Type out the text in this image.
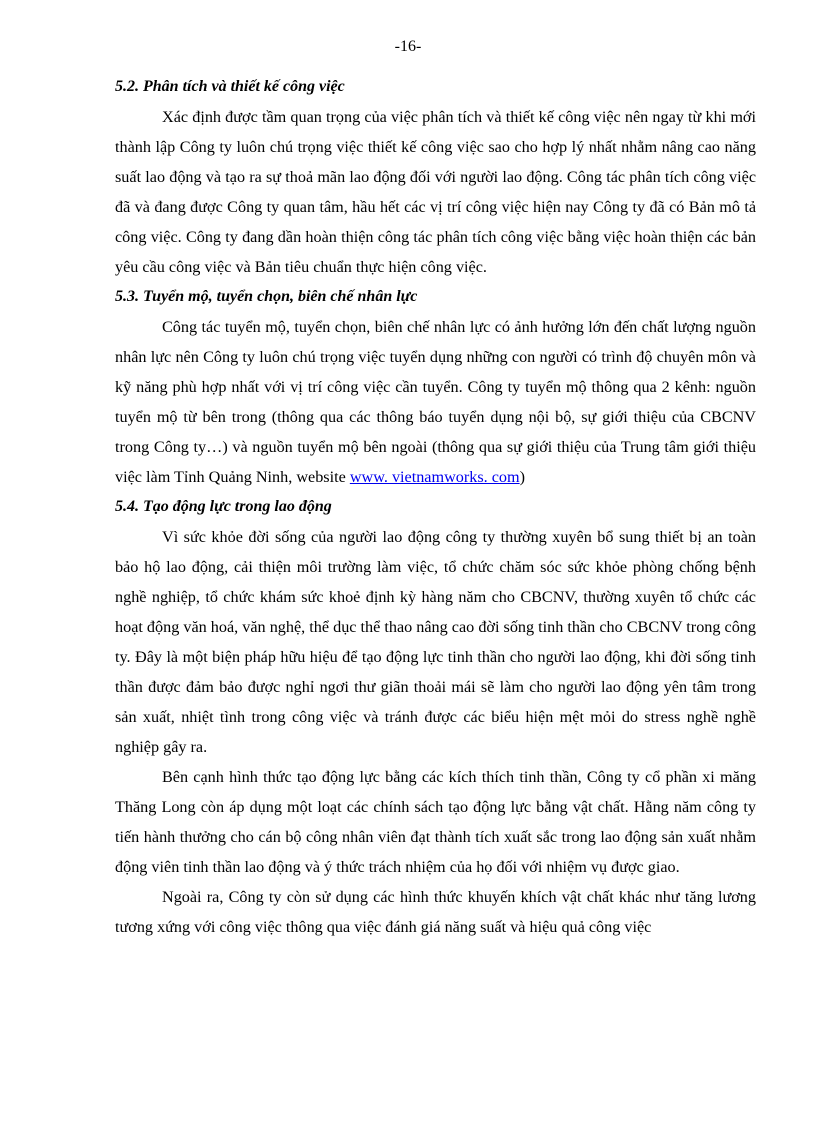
-16-

5.2. Phân tích và thiết kế công việc

Xác định được tầm quan trọng của việc phân tích và thiết kế công việc nên ngay từ khi mới thành lập Công ty luôn chú trọng việc thiết kế công việc sao cho hợp lý nhất nhằm nâng cao năng suất lao động và tạo ra sự thoả mãn lao động đối với người lao động. Công tác phân tích công việc đã và đang được Công ty quan tâm, hầu hết các vị trí công việc hiện nay Công ty đã có Bản mô tả công việc. Công ty đang dần hoàn thiện công tác phân tích công việc bằng việc hoàn thiện các bản yêu cầu công việc và Bản tiêu chuẩn thực hiện công việc.

5.3. Tuyển mộ, tuyển chọn, biên chế nhân lực

Công tác tuyển mộ, tuyển chọn, biên chế nhân lực có ảnh hưởng lớn đến chất lượng nguồn nhân lực nên Công ty luôn chú trọng việc tuyển dụng những con người có trình độ chuyên môn và kỹ năng phù hợp nhất với vị trí công việc cần tuyển. Công ty tuyển mộ thông qua 2 kênh: nguồn tuyển mộ từ bên trong (thông qua các thông báo tuyển dụng nội bộ, sự giới thiệu của CBCNV trong Công ty…) và nguồn tuyển mộ bên ngoài (thông qua sự giới thiệu của Trung tâm giới thiệu việc làm Tỉnh Quảng Ninh, website www. vietnamworks. com)

5.4. Tạo động lực trong lao động

Vì sức khỏe đời sống của người lao động công ty thường xuyên bổ sung thiết bị an toàn bảo hộ lao động, cải thiện môi trường làm việc, tổ chức chăm sóc sức khỏe phòng chống bệnh nghề nghiệp, tổ chức khám sức khoẻ định kỳ hàng năm cho CBCNV, thường xuyên tổ chức các hoạt động văn hoá, văn nghệ, thể dục thể thao nâng cao đời sống tinh thần cho CBCNV trong công ty. Đây là một biện pháp hữu hiệu để tạo động lực tinh thần cho người lao động, khi đời sống tinh thần được đảm bảo được nghỉ ngơi thư giãn thoải mái sẽ làm cho người lao động yên tâm trong sản xuất, nhiệt tình trong công việc và tránh được các biểu hiện mệt mỏi do stress nghề nghề nghiệp gây ra.

Bên cạnh hình thức tạo động lực bằng các kích thích tinh thần, Công ty cổ phần xi măng Thăng Long còn áp dụng một loạt các chính sách tạo động lực bằng vật chất. Hằng năm công ty tiến hành thưởng cho cán bộ công nhân viên đạt thành tích xuất sắc trong lao động sản xuất nhằm động viên tinh thần lao động và ý thức trách nhiệm của họ đối với nhiệm vụ được giao.

Ngoài ra, Công ty còn sử dụng các hình thức khuyến khích vật chất khác như tăng lương tương xứng với công việc thông qua việc đánh giá năng suất và hiệu quả công việc
